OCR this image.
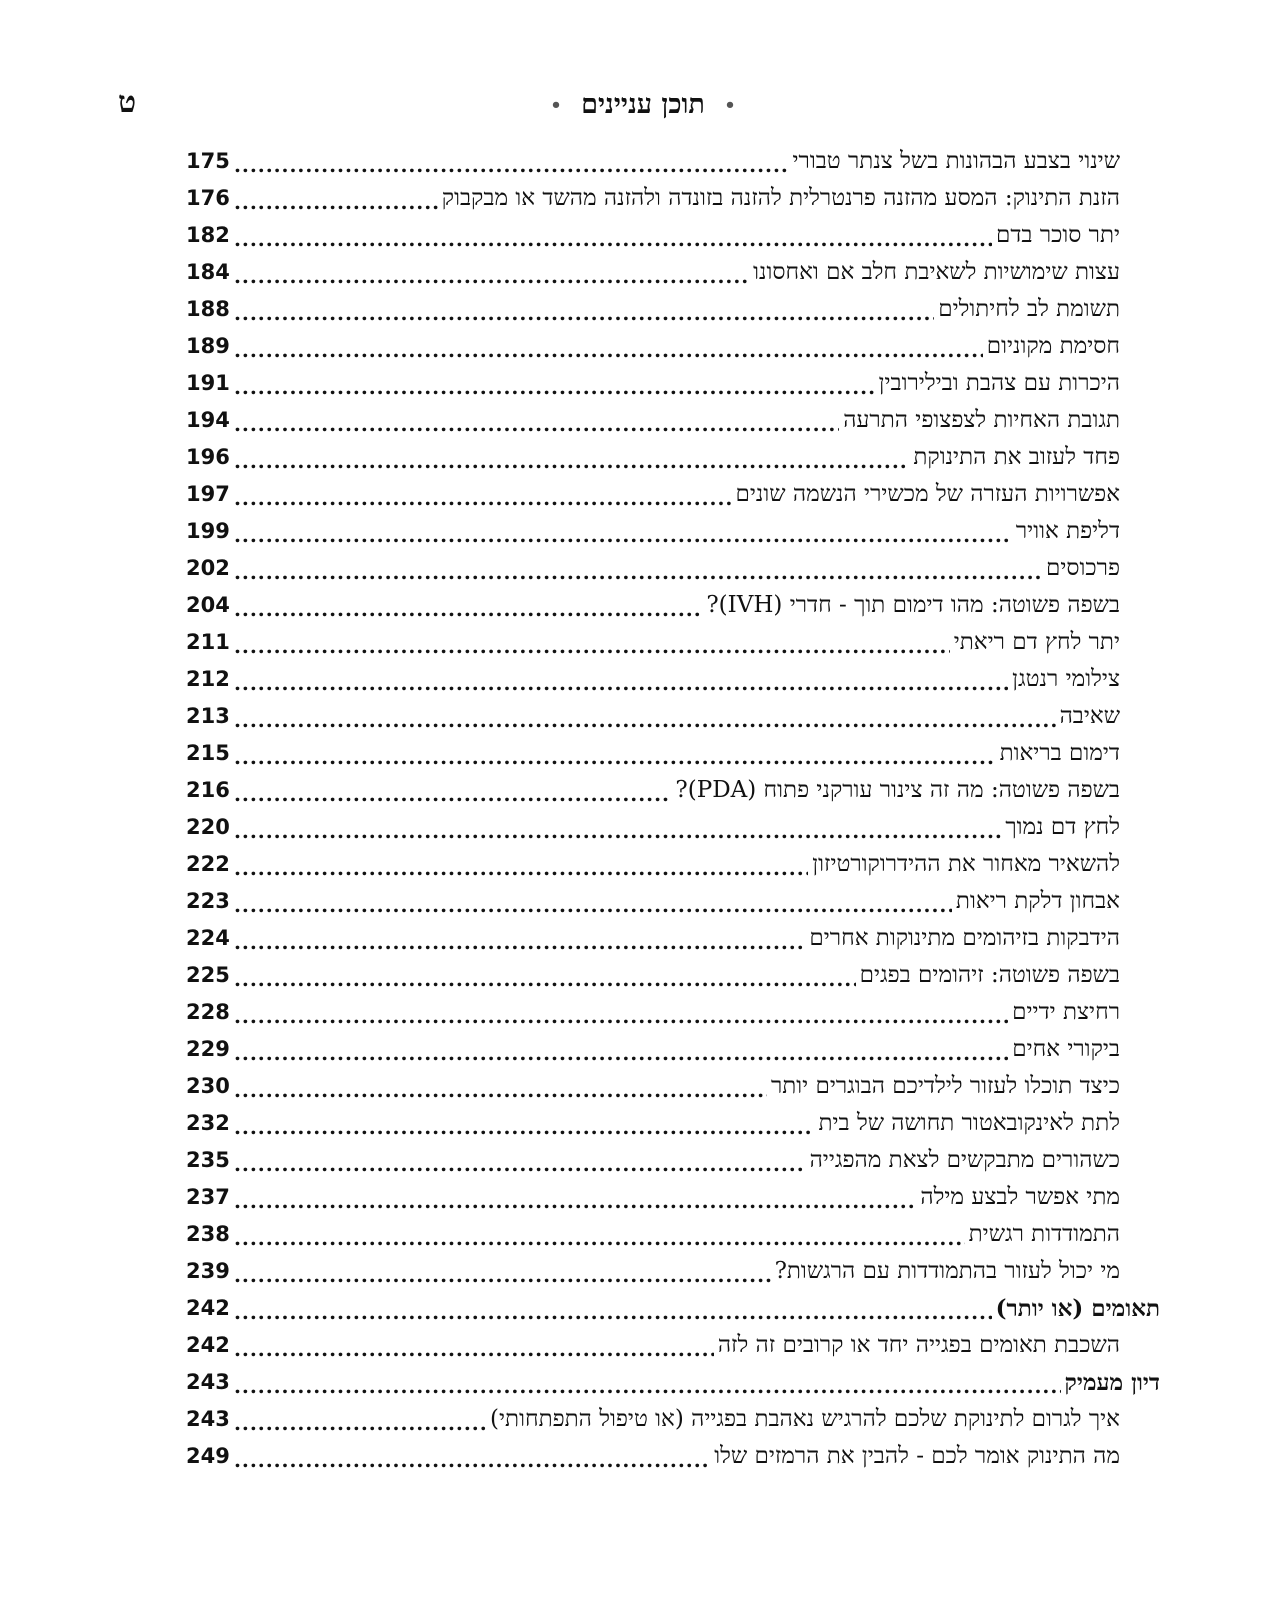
ט	• תוכן עניינים •
שינוי בצבע הבהונות בשל צנתר טבורי
. . .
175
הזנת התינוק: המסע מהזנה פרנטרלית להזנה בזונדה ולהזנה מהשד או מבקבוק
. . .
176
יתר סוכר בדם
. . .
182
עצות שימושיות לשאיבת חלב אם ואחסונו
. . .
184
תשומת לב לחיתולים
. . .
188
חסימת מקוניום
. . .
189
היכרות עם צהבת ובילירובין
. . .
191
תגובת האחיות לצפצופי התרעה
. . .
194
פחד לעזוב את התינוקת
. . .
196
אפשרויות העזרה של מכשירי הנשמה שונים
. . .
197
דליפת אוויר
. . .
199
פרכוסים
. . .
202
בשפה פשוטה: מהו דימום תוך - חדרי (IVH)?
. . .
204
יתר לחץ דם ריאתי
. . .
211
צילומי רנטגן
. . .
212
שאיבה
. . .
213
דימום בריאות
. . .
215
בשפה פשוטה: מה זה צינור עורקני פתוח (PDA)?
. . .
216
לחץ דם נמוך
. . .
220
להשאיר מאחור את ההידרוקורטיזון
. . .
222
אבחון דלקת ריאות
. . .
223
הידבקות בזיהומים מתינוקות אחרים
. . .
224
בשפה פשוטה: זיהומים בפגים
. . .
225
רחיצת ידיים
. . .
228
ביקורי אחים
. . .
229
כיצד תוכלו לעזור לילדיכם הבוגרים יותר
. . .
230
לתת לאינקובאטור תחושה של בית
. . .
232
כשהורים מתבקשים לצאת מהפגייה
. . .
235
מתי אפשר לבצע מילה
. . .
237
התמודדות רגשית
. . .
238
מי יכול לעזור בהתמודדות עם הרגשות?
. . .
239
תאומים (או יותר)
. . .
242
השכבת תאומים בפגייה יחד או קרובים זה לזה
. . .
242
דיון מעמיק
. . .
243
איך לגרום לתינוקת שלכם להרגיש נאהבת בפגייה (או טיפול התפתחותי)
. . .
243
מה התינוק אומר לכם - להבין את הרמזים שלו
. . .
249
